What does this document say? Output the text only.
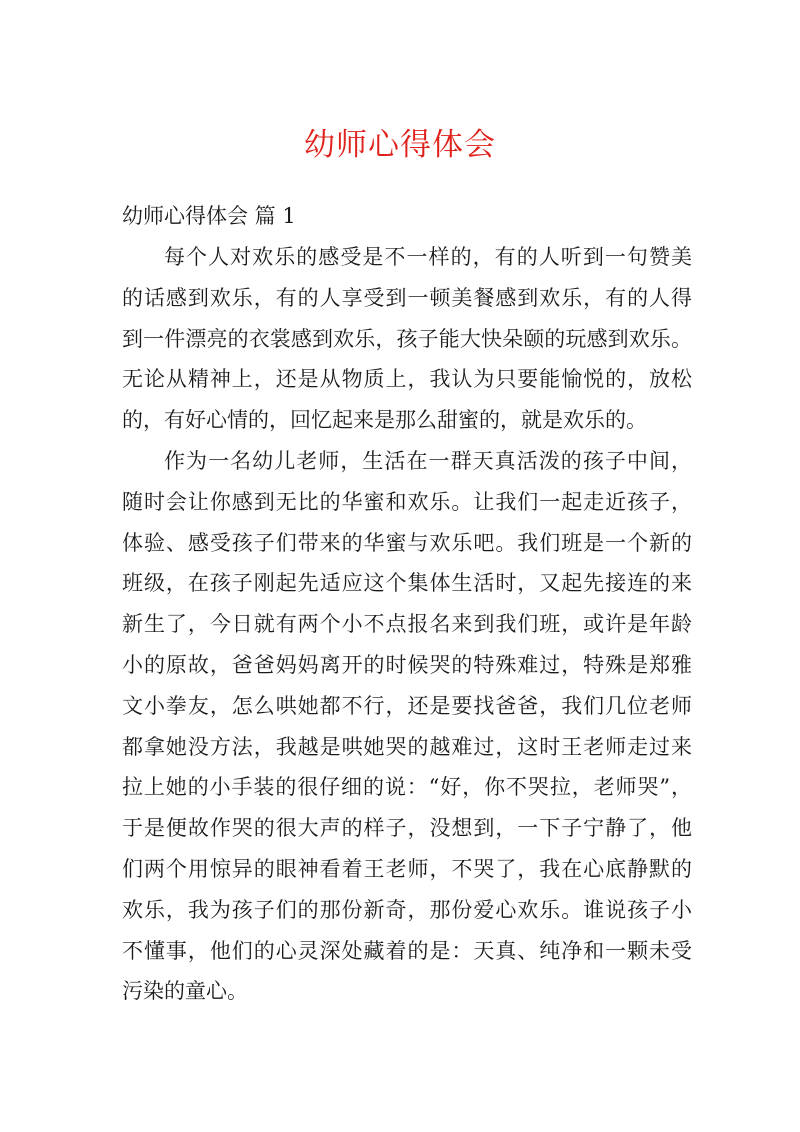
幼师心得体会

幼师心得体会 篇 1

每个人对欢乐的感受是不一样的，有的人听到一句赞美
的话感到欢乐，有的人享受到一顿美餐感到欢乐，有的人得
到一件漂亮的衣裳感到欢乐，孩子能大快朵颐的玩感到欢乐。
无论从精神上，还是从物质上，我认为只要能愉悦的，放松
的，有好心情的，回忆起来是那么甜蜜的，就是欢乐的。
作为一名幼儿老师，生活在一群天真活泼的孩子中间，
随时会让你感到无比的华蜜和欢乐。让我们一起走近孩子，
体验、感受孩子们带来的华蜜与欢乐吧。我们班是一个新的
班级，在孩子刚起先适应这个集体生活时，又起先接连的来
新生了，今日就有两个小不点报名来到我们班，或许是年龄
小的原故，爸爸妈妈离开的时候哭的特殊难过，特殊是郑雅
文小拳友，怎么哄她都不行，还是要找爸爸，我们几位老师
都拿她没方法，我越是哄她哭的越难过，这时王老师走过来
拉上她的小手装的很仔细的说：“好，你不哭拉，老师哭”，
于是便故作哭的很大声的样子，没想到，一下子宁静了，他
们两个用惊异的眼神看着王老师，不哭了，我在心底静默的
欢乐，我为孩子们的那份新奇，那份爱心欢乐。谁说孩子小
不懂事，他们的心灵深处藏着的是：天真、纯净和一颗未受
污染的童心。
